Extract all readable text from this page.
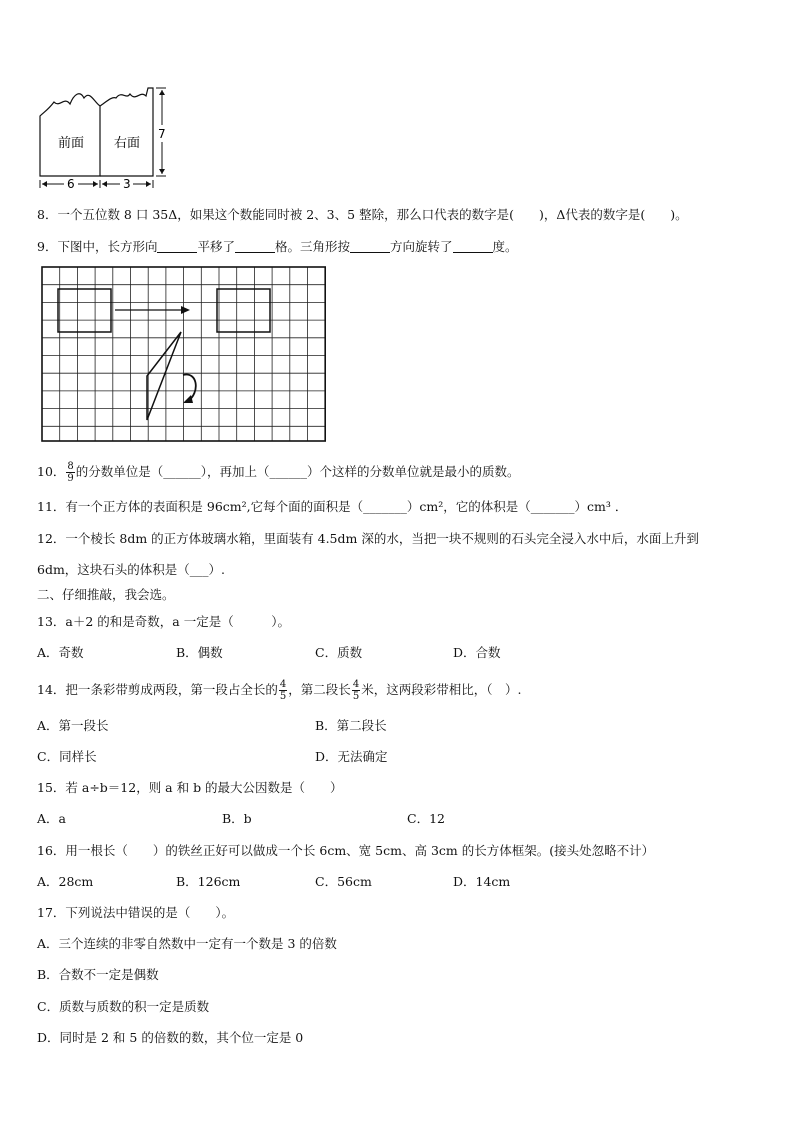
前面 右面
6	3
7
8．一个五位数 8 口 35Δ，如果这个数能同时被 2、3、5 整除，那么口代表的数字是(　　)，Δ代表的数字是(　　)。
9．下图中，长方形向	平移了	格。三角形按	方向旋转了	度。
10． $\frac{8}{9}$ 的分数单位是（______），再加上（______）个这样的分数单位就是最小的质数。
11．有一个正方体的表面积是 96cm²,它每个面的面积是（_______）cm²，它的体积是（_______）cm³ ．
12．一个棱长 8dm 的正方体玻璃水箱，里面装有 4.5dm 深的水，当把一块不规则的石头完全浸入水中后，水面上升到
6dm，这块石头的体积是（___）.
二、仔细推敲，我会选。
13．a＋2 的和是奇数，a 一定是（　　　）。
A．奇数	B．偶数	C．质数	D．合数
14．把一条彩带剪成两段，第一段占全长的 $\frac{4}{5}$ ，第二段长 $\frac{4}{5}$ 米，这两段彩带相比，（　）.
A．第一段长	B．第二段长
C．同样长	D．无法确定
15．若 a÷b＝12，则 a 和 b 的最大公因数是（　　）
A．a	B．b	C．12
16．用一根长（　　）的铁丝正好可以做成一个长 6cm、宽 5cm、高 3cm 的长方体框架。(接头处忽略不计）
A．28cm	B．126cm	C．56cm	D．14cm
17．下列说法中错误的是（　　）。
A．三个连续的非零自然数中一定有一个数是 3 的倍数
B．合数不一定是偶数
C．质数与质数的积一定是质数
D．同时是 2 和 5 的倍数的数，其个位一定是 0
